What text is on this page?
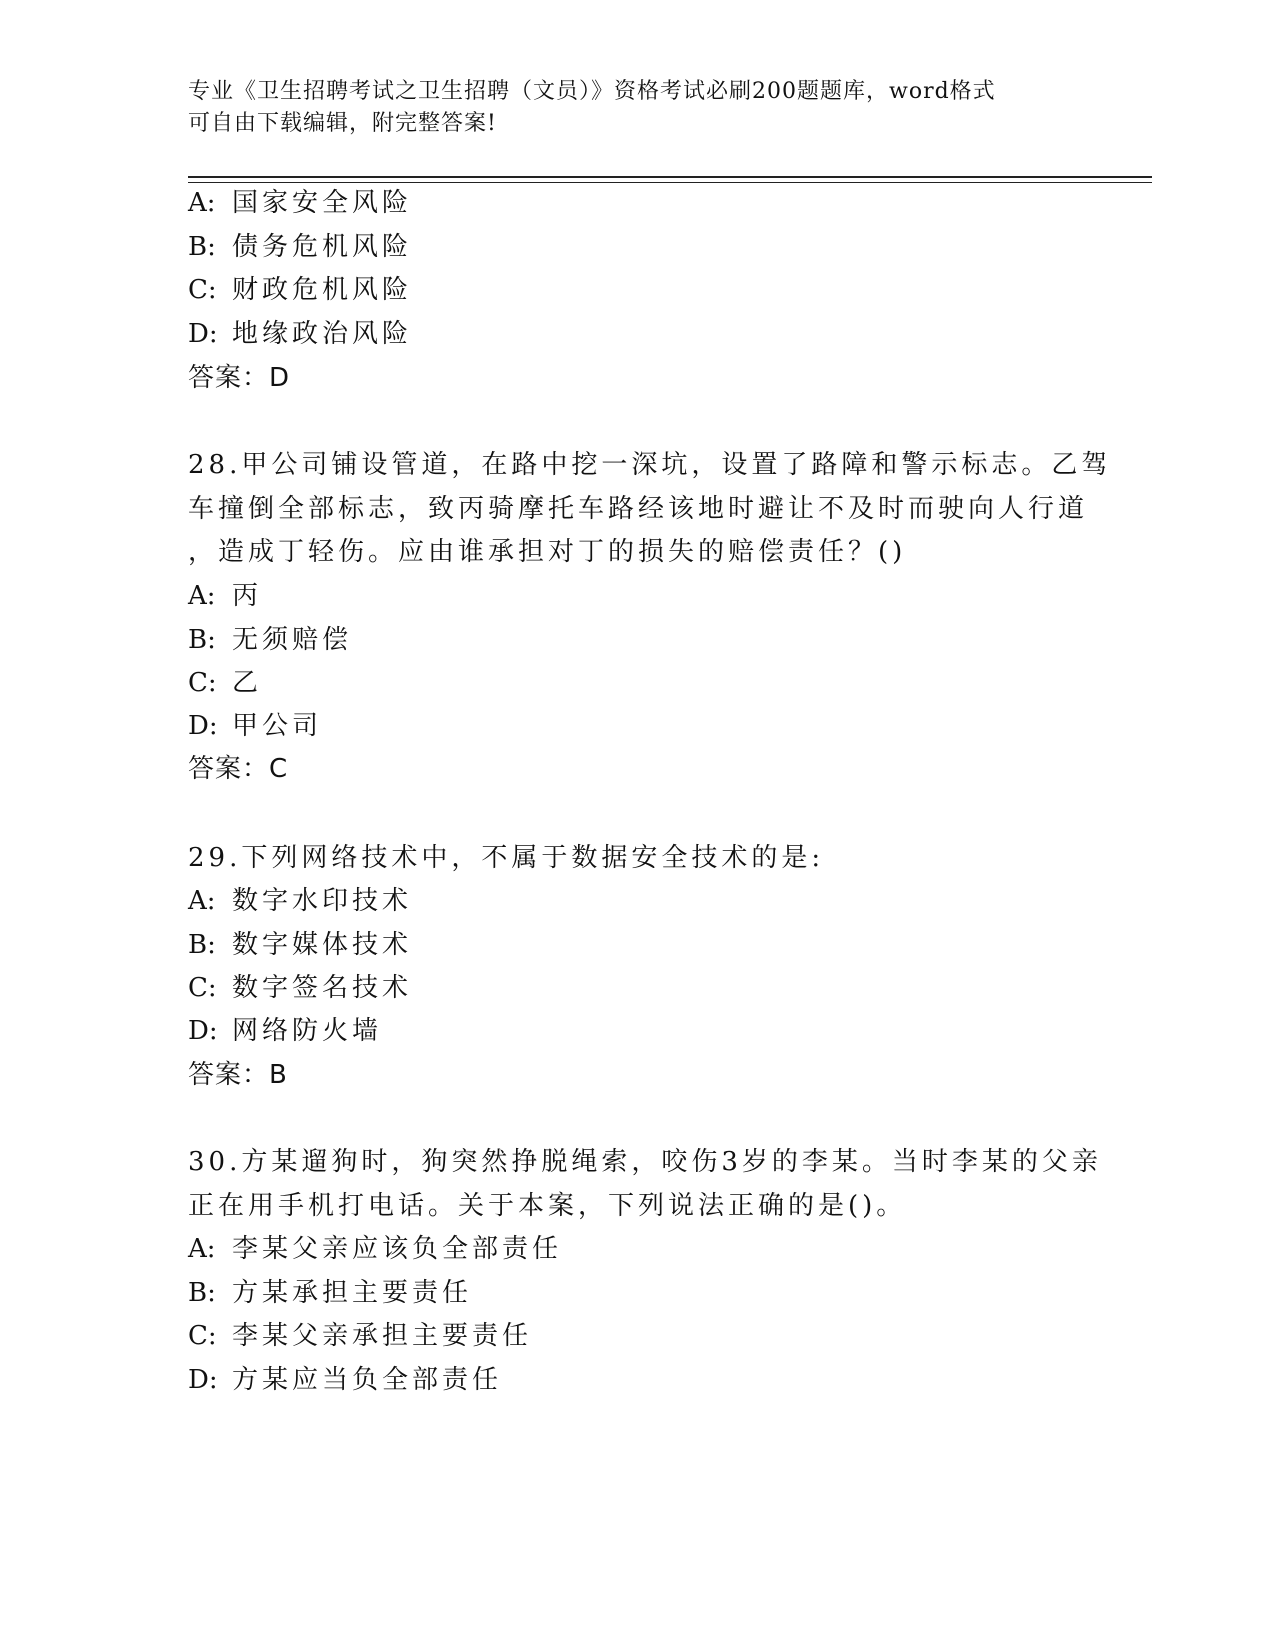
专业《卫生招聘考试之卫生招聘（文员）》资格考试必刷200题题库，word格式
可自由下载编辑，附完整答案!
A: 国家安全风险
B: 债务危机风险
C: 财政危机风险
D: 地缘政治风险
答案：D
28.甲公司铺设管道，在路中挖一深坑，设置了路障和警示标志。乙驾
车撞倒全部标志，致丙骑摩托车路经该地时避让不及时而驶向人行道
，造成丁轻伤。应由谁承担对丁的损失的赔偿责任？()
A: 丙
B: 无须赔偿
C: 乙
D: 甲公司
答案：C
29.下列网络技术中，不属于数据安全技术的是:
A: 数字水印技术
B: 数字媒体技术
C: 数字签名技术
D: 网络防火墙
答案：B
30.方某遛狗时，狗突然挣脱绳索，咬伤3岁的李某。当时李某的父亲
正在用手机打电话。关于本案，下列说法正确的是()。
A: 李某父亲应该负全部责任
B: 方某承担主要责任
C: 李某父亲承担主要责任
D: 方某应当负全部责任
